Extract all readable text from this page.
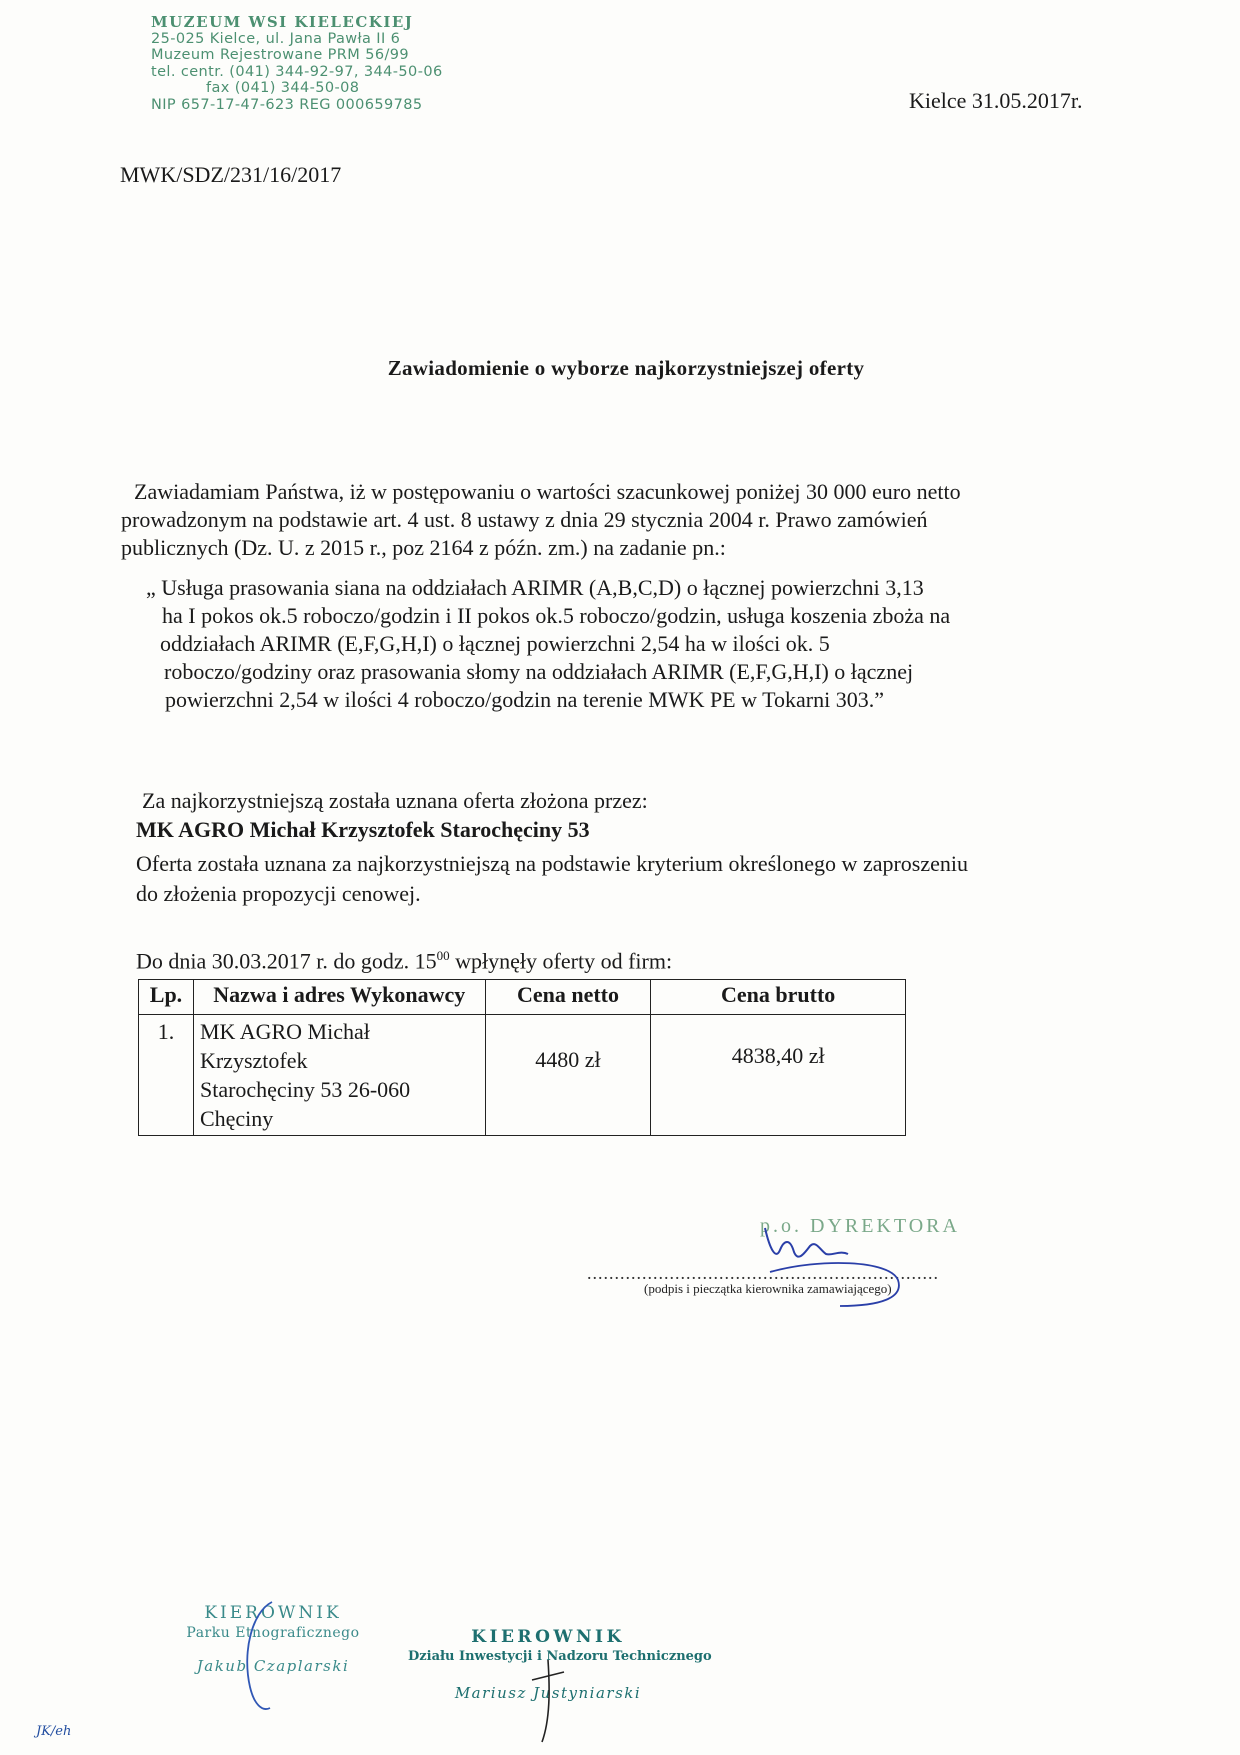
MUZEUM WSI KIELECKIEJ
25-025 Kielce, ul. Jana Pawła II 6
Muzeum Rejestrowane PRM 56/99
tel. centr. (041) 344-92-97, 344-50-06
fax (041) 344-50-08
NIP 657-17-47-623 REG 000659785	Kielce 31.05.2017r.
MWK/SDZ/231/16/2017
Zawiadomienie o wyborze najkorzystniejszej oferty
Zawiadamiam Państwa, iż w postępowaniu o wartości szacunkowej poniżej 30 000 euro netto
prowadzonym na podstawie art. 4 ust. 8 ustawy z dnia 29 stycznia 2004 r. Prawo zamówień
publicznych (Dz. U. z 2015 r., poz 2164 z późn. zm.) na zadanie pn.:
„ Usługa prasowania siana na oddziałach ARIMR (A,B,C,D) o łącznej powierzchni 3,13
ha I pokos ok.5 roboczo/godzin i II pokos ok.5 roboczo/godzin, usługa koszenia zboża na
oddziałach ARIMR (E,F,G,H,I) o łącznej powierzchni 2,54 ha w ilości ok. 5
roboczo/godziny oraz prasowania słomy na oddziałach ARIMR (E,F,G,H,I) o łącznej
powierzchni 2,54 w ilości 4 roboczo/godzin na terenie MWK PE w Tokarni 303.”
Za najkorzystniejszą została uznana oferta złożona przez:
MK AGRO Michał Krzysztofek Starochęciny 53
Oferta została uznana za najkorzystniejszą na podstawie kryterium określonego w zaproszeniu
do złożenia propozycji cenowej.
Do dnia 30.03.2017 r. do godz. $15^{00}$ wpłynęły oferty od firm:
Lp.	Nazwa i adres Wykonawcy	Cena netto	Cena brutto
1.	MK AGRO Michał
Krzysztofek
Starochęciny 53 26-060
Chęciny	4480 zł	4838,40 zł
p.o. DYREKTORA
................................................................
(podpis i pieczątka kierownika zamawiającego)
KIEROWNIK
Parku Etnograficznego
Jakub Czaplarski
KIEROWNIK
Działu Inwestycji i Nadzoru Technicznego
Mariusz Justyniarski
JK/eh
